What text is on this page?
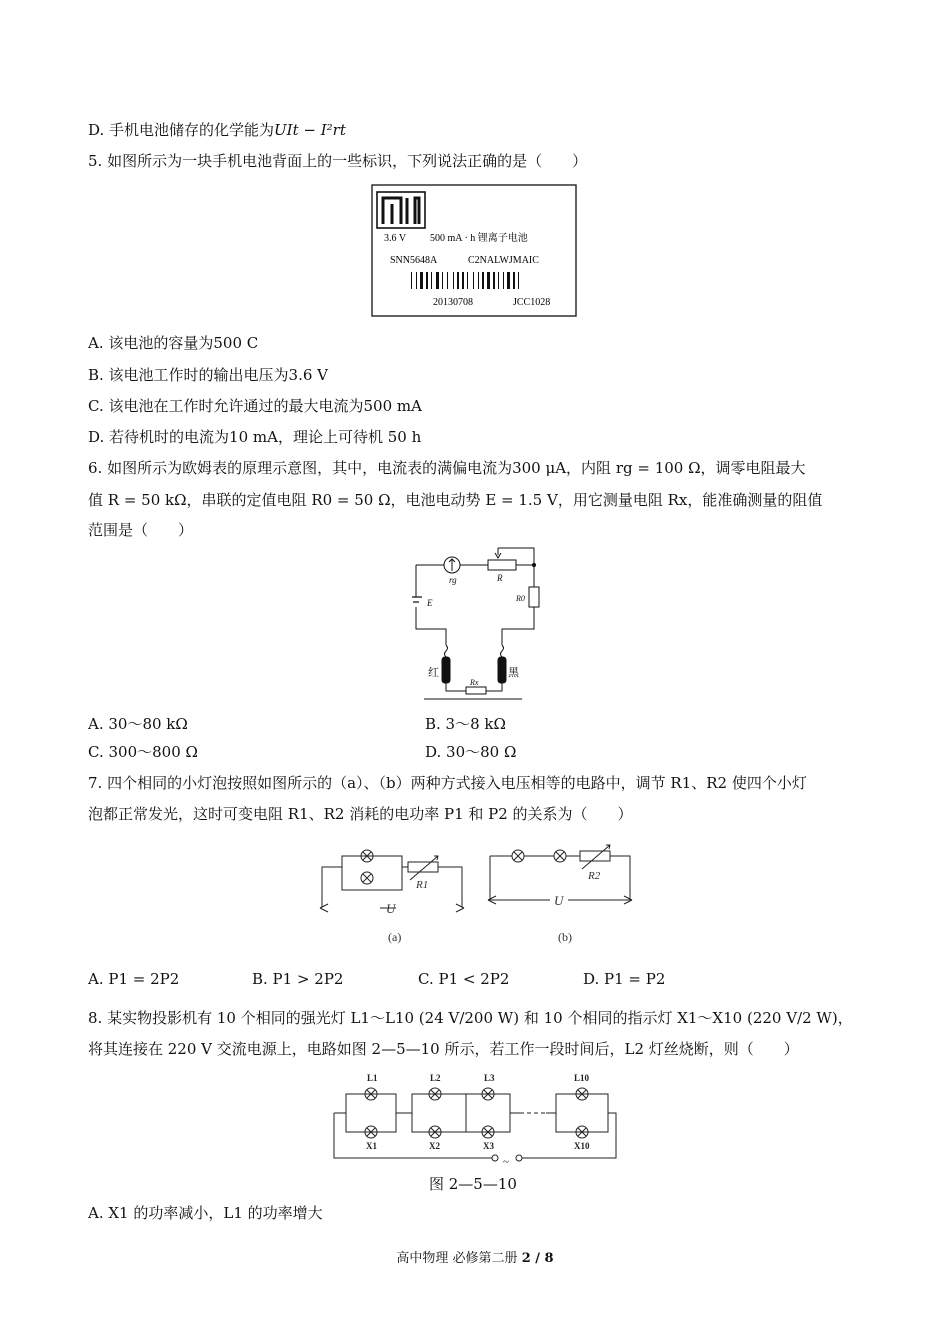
D. 手机电池储存的化学能为UIt − I²rt
5. 如图所示为一块手机电池背面上的一些标识，下列说法正确的是（　　）
3.6 V 500 mA · h 锂离子电池
SNN5648A	C2NALWJMAIC
20130708	JCC1028
A. 该电池的容量为500 C
B. 该电池工作时的输出电压为3.6 V
C. 该电池在工作时允许通过的最大电流为500 mA
D. 若待机时的电流为10 mA，理论上可待机 50 h
6. 如图所示为欧姆表的原理示意图，其中，电流表的满偏电流为300 μA，内阻 rg = 100 Ω，调零电阻最大
值 R = 50 kΩ，串联的定值电阻 R0 = 50 Ω，电池电动势 E = 1.5 V，用它测量电阻 Rx，能准确测量的阻值
范围是（　　）
rg	R
R0
E
红	黑
Rx
A. 30～80 kΩ	B. 3～8 kΩ
C. 300～800 Ω	D. 30～80 Ω
7. 四个相同的小灯泡按照如图所示的（a）、（b）两种方式接入电压相等的电路中，调节 R1、R2 使四个小灯
泡都正常发光，这时可变电阻 R1、R2 消耗的电功率 P1 和 P2 的关系为（　　）
R1
R2
U
U
(a)	(b)
A. P1 = 2P2	B. P1 > 2P2	C. P1 < 2P2	D. P1 = P2
8. 某实物投影机有 10 个相同的强光灯 L1～L10 (24 V/200 W) 和 10 个相同的指示灯 X1～X10 (220 V/2 W)，
将其连接在 220 V 交流电源上，电路如图 2—5—10 所示，若工作一段时间后，L2 灯丝烧断，则（　　）
L1	L2	L3	L10
X1	X2	X3	X10
~
图 2—5—10
A. X1 的功率减小，L1 的功率增大
高中物理 必修第二册 2 / 8
